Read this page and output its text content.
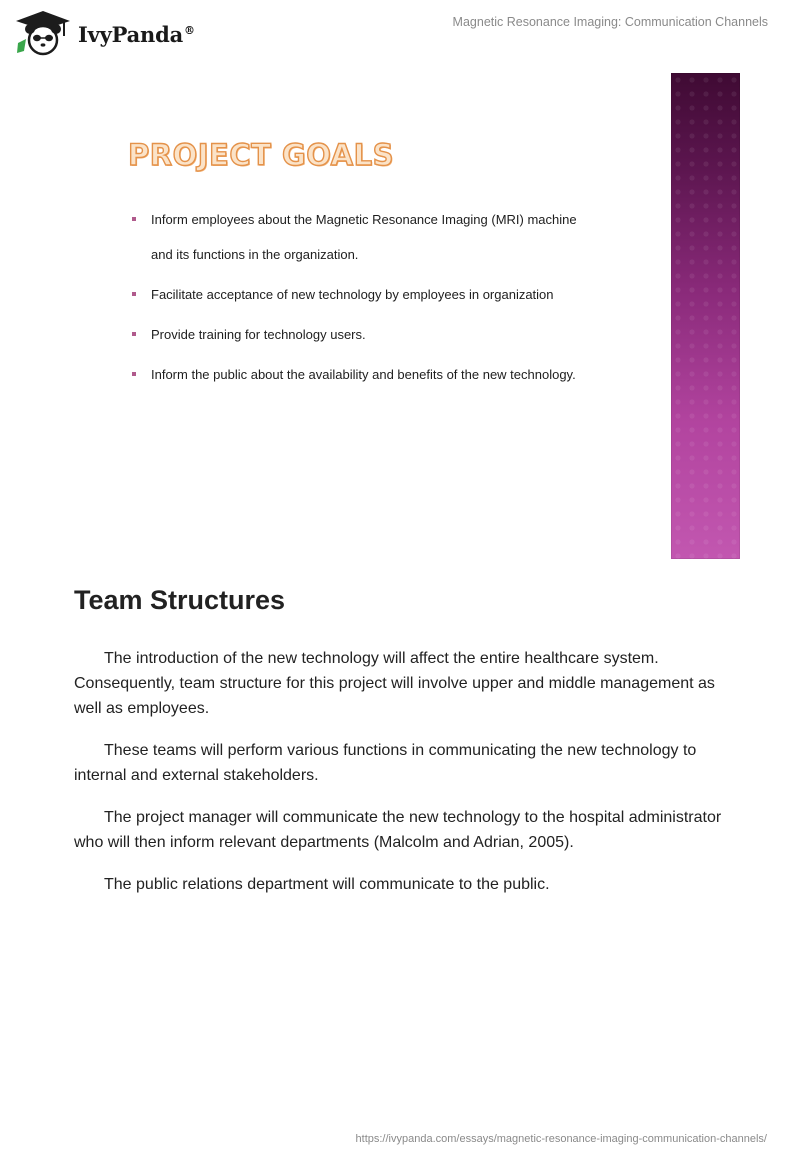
IvyPanda®
Magnetic Resonance Imaging: Communication Channels
PROJECT GOALS
Inform employees about the Magnetic Resonance Imaging (MRI) machine
and its functions in the organization.
Facilitate acceptance of new technology by employees in organization
Provide training for technology users.
Inform the public about the availability and benefits of the new technology.
Team Structures

The introduction of the new technology will affect the entire healthcare system. Consequently, team structure for this project will involve upper and middle management as well as employees.

These teams will perform various functions in communicating the new technology to internal and external stakeholders.

The project manager will communicate the new technology to the hospital administrator who will then inform relevant departments (Malcolm and Adrian, 2005).

The public relations department will communicate to the public.

https://ivypanda.com/essays/magnetic-resonance-imaging-communication-channels/
